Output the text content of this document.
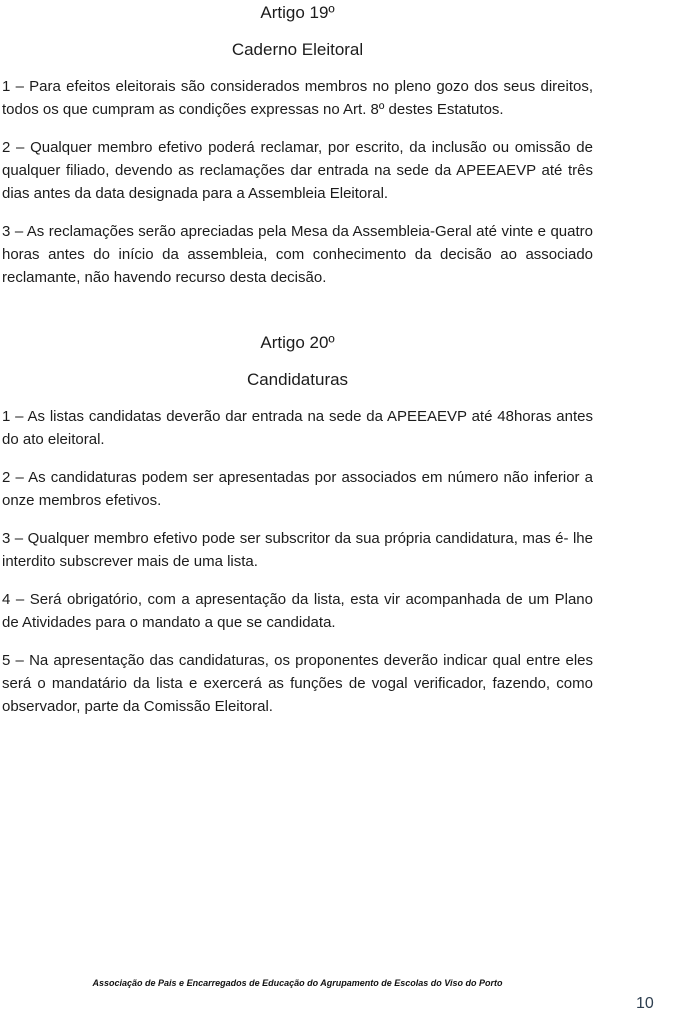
Artigo 19º
Caderno Eleitoral

1 – Para efeitos eleitorais são considerados membros no pleno gozo dos seus direitos, todos os que cumpram as condições expressas no Art. 8º destes Estatutos.

2 – Qualquer membro efetivo poderá reclamar, por escrito, da inclusão ou omissão de qualquer filiado, devendo as reclamações dar entrada na sede da APEEAEVP até três dias antes da data designada para a Assembleia Eleitoral.

3 – As reclamações serão apreciadas pela Mesa da Assembleia-Geral até vinte e quatro horas antes do início da assembleia, com conhecimento da decisão ao associado reclamante, não havendo recurso desta decisão.

Artigo 20º
Candidaturas

1 – As listas candidatas deverão dar entrada na sede da APEEAEVP até 48horas antes do ato eleitoral.

2 – As candidaturas podem ser apresentadas por associados em número não inferior a onze membros efetivos.

3 – Qualquer membro efetivo pode ser subscritor da sua própria candidatura, mas é- lhe interdito subscrever mais de uma lista.

4 – Será obrigatório, com a apresentação da lista, esta vir acompanhada de um Plano de Atividades para o mandato a que se candidata.

5 – Na apresentação das candidaturas, os proponentes deverão indicar qual entre eles será o mandatário da lista e exercerá as funções de vogal verificador, fazendo, como observador, parte da Comissão Eleitoral.

Associação de Pais e Encarregados de Educação do Agrupamento de Escolas do Viso do Porto
10
